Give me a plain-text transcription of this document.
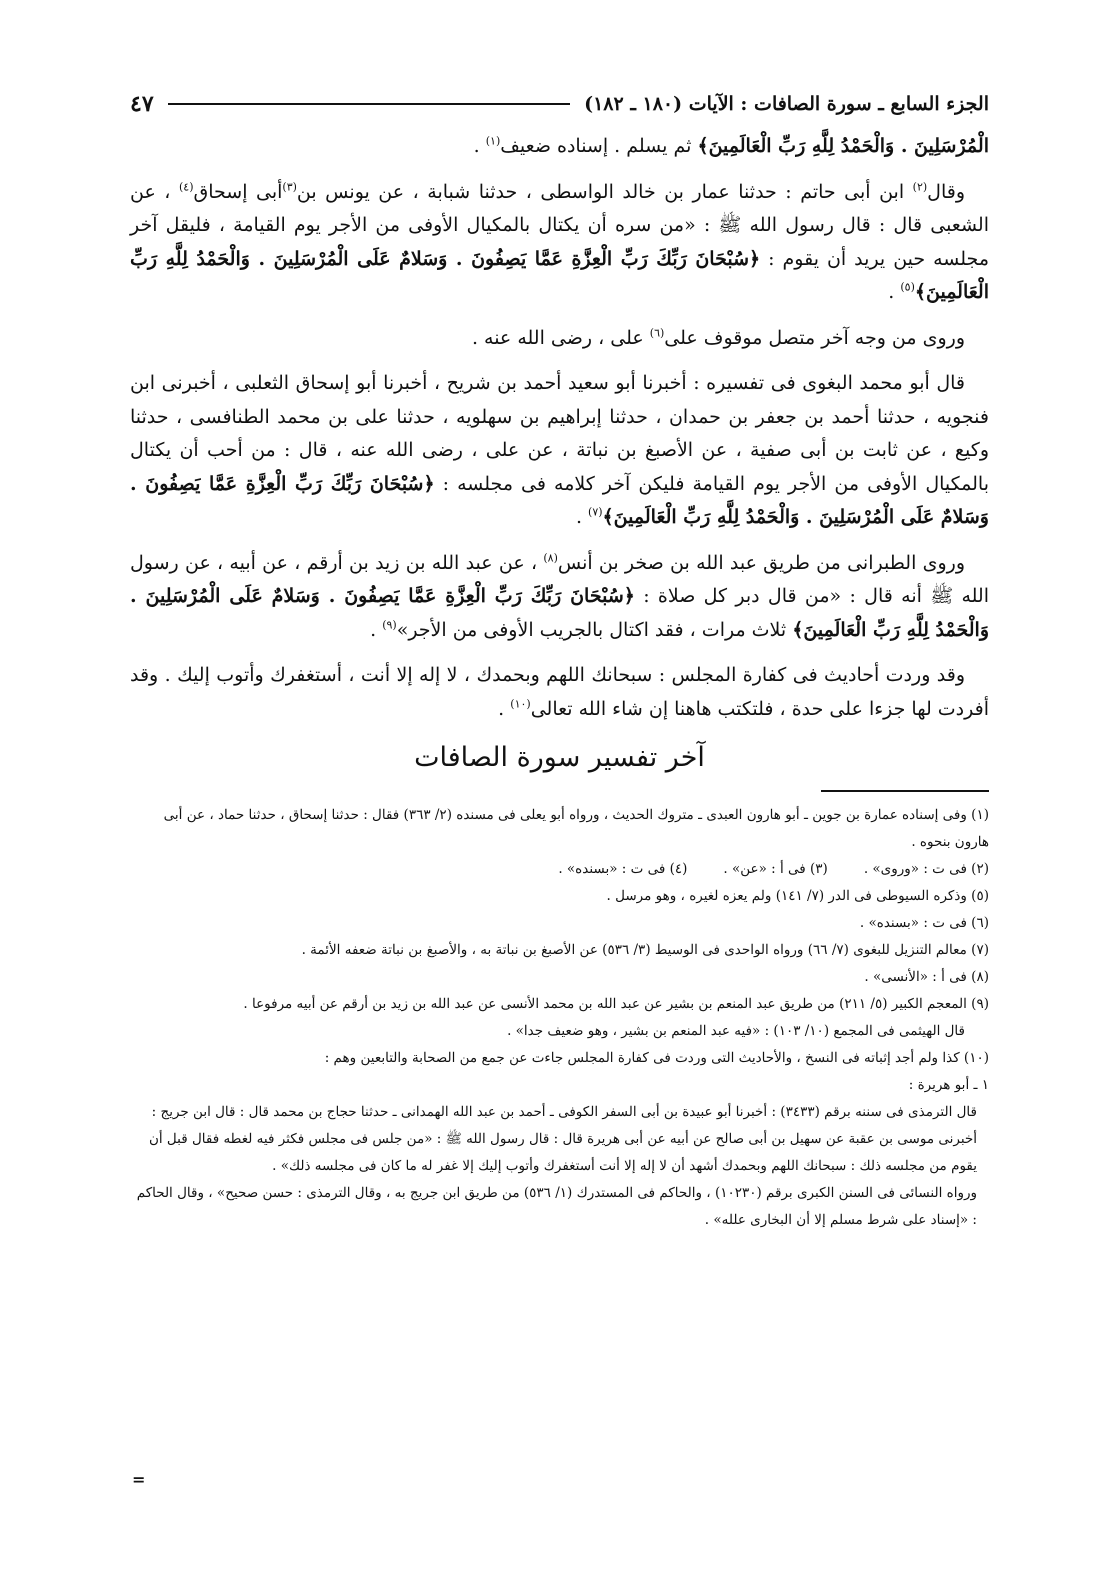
الجزء السابع ـ سورة الصافات : الآيات (١٨٠ ـ ١٨٢)
٤٧

الْمُرْسَلِينَ . وَالْحَمْدُ لِلَّهِ رَبِّ الْعَالَمِينَ﴾ ثم يسلم . إسناده ضعيف$^{(١)}$ .

وقال$^{(٢)}$ ابن أبى حاتم : حدثنا عمار بن خالد الواسطى ، حدثنا شبابة ، عن يونس بن$^{(٣)}$أبى إسحاق$^{(٤)}$ ، عن الشعبى قال : قال رسول الله ﷺ : «من سره أن يكتال بالمكيال الأوفى من الأجر يوم القيامة ، فليقل آخر مجلسه حين يريد أن يقوم : ﴿سُبْحَانَ رَبِّكَ رَبِّ الْعِزَّةِ عَمَّا يَصِفُونَ . وَسَلامٌ عَلَى الْمُرْسَلِينَ . وَالْحَمْدُ لِلَّهِ رَبِّ الْعَالَمِينَ﴾$^{(٥)}$ .

وروى من وجه آخر متصل موقوف على$^{(٦)}$ على ، رضى الله عنه .

قال أبو محمد البغوى فى تفسيره : أخبرنا أبو سعيد أحمد بن شريح ، أخبرنا أبو إسحاق الثعلبى ، أخبرنى ابن فنجويه ، حدثنا أحمد بن جعفر بن حمدان ، حدثنا إبراهيم بن سهلويه ، حدثنا على بن محمد الطنافسى ، حدثنا وكيع ، عن ثابت بن أبى صفية ، عن الأصبغ بن نباتة ، عن على ، رضى الله عنه ، قال : من أحب أن يكتال بالمكيال الأوفى من الأجر يوم القيامة فليكن آخر كلامه فى مجلسه : ﴿سُبْحَانَ رَبِّكَ رَبِّ الْعِزَّةِ عَمَّا يَصِفُونَ . وَسَلامٌ عَلَى الْمُرْسَلِينَ . وَالْحَمْدُ لِلَّهِ رَبِّ الْعَالَمِينَ﴾$^{(٧)}$ .

وروى الطبرانى من طريق عبد الله بن صخر بن أنس$^{(٨)}$ ، عن عبد الله بن زيد بن أرقم ، عن أبيه ، عن رسول الله ﷺ أنه قال : «من قال دبر كل صلاة : ﴿سُبْحَانَ رَبِّكَ رَبِّ الْعِزَّةِ عَمَّا يَصِفُونَ . وَسَلامٌ عَلَى الْمُرْسَلِينَ . وَالْحَمْدُ لِلَّهِ رَبِّ الْعَالَمِينَ﴾ ثلاث مرات ، فقد اكتال بالجريب الأوفى من الأجر»$^{(٩)}$ .

وقد وردت أحاديث فى كفارة المجلس : سبحانك اللهم وبحمدك ، لا إله إلا أنت ، أستغفرك وأتوب إليك . وقد أفردت لها جزءا على حدة ، فلتكتب هاهنا إن شاء الله تعالى$^{(١٠)}$ .

آخر تفسير سورة الصافات

(١) وفى إسناده عمارة بن جوين ـ أبو هارون العبدى ـ متروك الحديث ، ورواه أبو يعلى فى مسنده (٢/ ٣٦٣) فقال : حدثنا إسحاق ، حدثنا حماد ، عن أبى هارون بنحوه .

(٢) فى ت : «وروى» .
(٣) فى أ : «عن» .
(٤) فى ت : «بسنده» .

(٥) وذكره السيوطى فى الدر (٧/ ١٤١) ولم يعزه لغيره ، وهو مرسل .

(٦) فى ت : «بسنده» .

(٧) معالم التنزيل للبغوى (٧/ ٦٦) ورواه الواحدى فى الوسيط (٣/ ٥٣٦) عن الأصبغ بن نباتة به ، والأصبغ بن نباتة ضعفه الأئمة .

(٨) فى أ : «الأنسى» .

(٩) المعجم الكبير (٥/ ٢١١) من طريق عبد المنعم بن بشير عن عبد الله بن محمد الأنسى عن عبد الله بن زيد بن أرقم عن أبيه مرفوعا .

قال الهيثمى فى المجمع (١٠/ ١٠٣) : «فيه عبد المنعم بن بشير ، وهو ضعيف جدا» .

(١٠) كذا ولم أجد إثباته فى النسخ ، والأحاديث التى وردت فى كفارة المجلس جاءت عن جمع من الصحابة والتابعين وهم :

١ ـ أبو هريرة :

قال الترمذى فى سننه برقم (٣٤٣٣) : أخبرنا أبو عبيدة بن أبى السفر الكوفى ـ أحمد بن عبد الله الهمدانى ـ حدثنا حجاج بن محمد قال : قال ابن جريج : أخبرنى موسى بن عقبة عن سهيل بن أبى صالح عن أبيه عن أبى هريرة قال : قال رسول الله ﷺ : «من جلس فى مجلس فكثر فيه لغطه فقال قبل أن يقوم من مجلسه ذلك : سبحانك اللهم وبحمدك أشهد أن لا إله إلا أنت أستغفرك وأتوب إليك إلا غفر له ما كان فى مجلسه ذلك» .

ورواه النسائى فى السنن الكبرى برقم (١٠٢٣٠) ، والحاكم فى المستدرك (١/ ٥٣٦) من طريق ابن جريج به ، وقال الترمذى : حسن صحيح» ، وقال الحاكم : «إسناد على شرط مسلم إلا أن البخارى علله» .

=
